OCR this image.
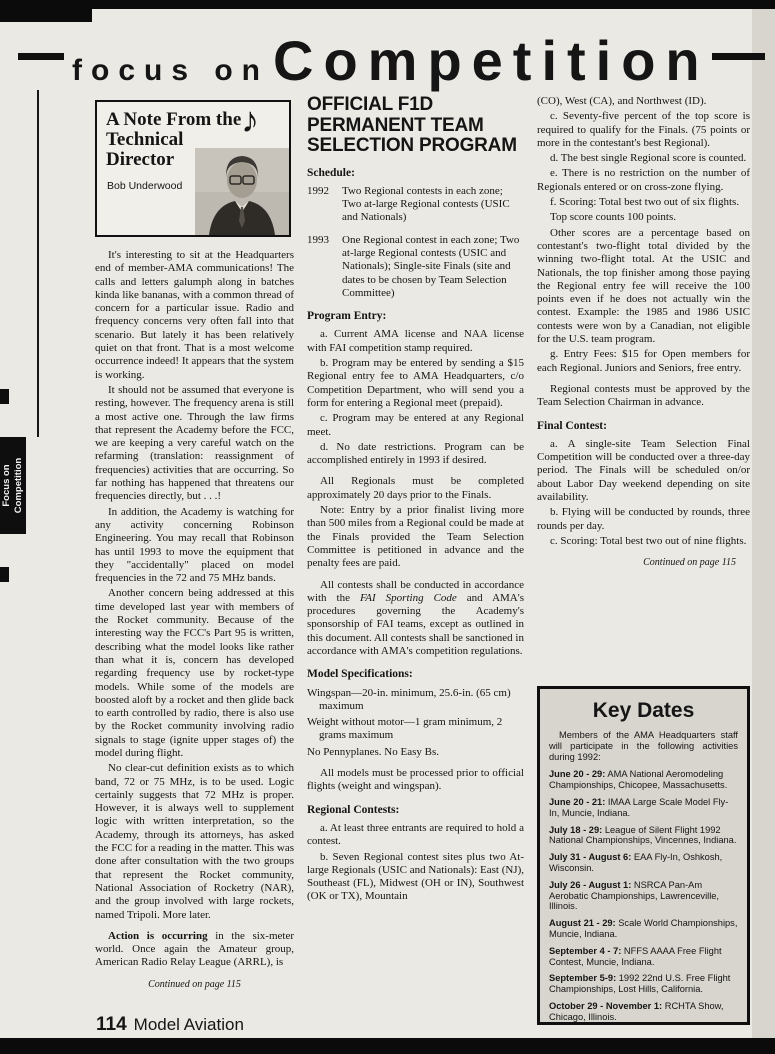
focus on Competition
Focus on Competition
A Note From the
Technical
Director
♪
Bob Underwood

It's interesting to sit at the Headquarters end of member-AMA communications! The calls and letters galumph along in batches kinda like bananas, with a common thread of concern for a particular issue. Radio and frequency concerns very often fall into that scenario. But lately it has been relatively quiet on that front. That is a most welcome occurrence indeed! It appears that the system is working.

It should not be assumed that everyone is resting, however. The frequency arena is still a most active one. Through the law firms that represent the Academy before the FCC, we are keeping a very careful watch on the refarming (translation: reassignment of frequencies) activities that are occurring. So far nothing has happened that threatens our frequencies directly, but . . .!

In addition, the Academy is watching for any activity concerning Robinson Engineering. You may recall that Robinson has until 1993 to move the equipment that they "accidentally" placed on model frequencies in the 72 and 75 MHz bands.

Another concern being addressed at this time developed last year with members of the Rocket community. Because of the interesting way the FCC's Part 95 is written, describing what the model looks like rather than what it is, concern has developed regarding frequency use by rocket-type models. While some of the models are boosted aloft by a rocket and then glide back to earth controlled by radio, there is also use by the Rocket community involving radio signals to stage (ignite upper stages of) the model during flight.

No clear-cut definition exists as to which band, 72 or 75 MHz, is to be used. Logic certainly suggests that 72 MHz is proper. However, it is always well to supplement logic with written interpretation, so the Academy, through its attorneys, has asked the FCC for a reading in the matter. This was done after consultation with the two groups that represent the Rocket community, National Association of Rocketry (NAR), and the group involved with large rockets, named Tripoli. More later.

Action is occurring in the six-meter world. Once again the Amateur group, American Radio Relay League (ARRL), is

Continued on page 115
OFFICIAL F1D PERMANENT TEAM SELECTION PROGRAM
Schedule:
1992	Two Regional contests in each zone; Two at-large Regional contests (USIC and Nationals)
1993	One Regional contest in each zone; Two at-large Regional contests (USIC and Nationals); Single-site Finals (site and dates to be chosen by Team Selection Committee)
Program Entry:

a. Current AMA license and NAA license with FAI competition stamp required.

b. Program may be entered by sending a $15 Regional entry fee to AMA Headquarters, c/o Competition Department, who will send you a form for entering a Regional meet (prepaid).

c. Program may be entered at any Regional meet.

d. No date restrictions. Program can be accomplished entirely in 1993 if desired.

All Regionals must be completed approximately 20 days prior to the Finals.

Note: Entry by a prior finalist living more than 500 miles from a Regional could be made at the Finals provided the Team Selection Committee is petitioned in advance and the penalty fees are paid.

All contests shall be conducted in accordance with the FAI Sporting Code and AMA's procedures governing the Academy's sponsorship of FAI teams, except as outlined in this document. All contests shall be sanctioned in accordance with AMA's competition regulations.

Model Specifications:

Wingspan—20-in. minimum, 25.6-in. (65 cm) maximum

Weight without motor—1 gram minimum, 2 grams maximum

No Pennyplanes. No Easy Bs.

All models must be processed prior to official flights (weight and wingspan).

Regional Contests:

a. At least three entrants are required to hold a contest.

b. Seven Regional contest sites plus two At-large Regionals (USIC and Nationals): East (NJ), Southeast (FL), Midwest (OH or IN), Southwest (OK or TX), Mountain

(CO), West (CA), and Northwest (ID).

c. Seventy-five percent of the top score is required to qualify for the Finals. (75 points or more in the contestant's best Regional).

d. The best single Regional score is counted.

e. There is no restriction on the number of Regionals entered or on cross-zone flying.

f. Scoring: Total best two out of six flights.

Top score counts 100 points.

Other scores are a percentage based on contestant's two-flight total divided by the winning two-flight total. At the USIC and Nationals, the top finisher among those paying the Regional entry fee will receive the 100 points even if he does not actually win the contest. Example: the 1985 and 1986 USIC contests were won by a Canadian, not eligible for the U.S. team program.

g. Entry Fees: $15 for Open members for each Regional. Juniors and Seniors, free entry.

Regional contests must be approved by the Team Selection Chairman in advance.

Final Contest:

a. A single-site Team Selection Final Competition will be conducted over a three-day period. The Finals will be scheduled on/or about Labor Day weekend depending on site availability.

b. Flying will be conducted by rounds, three rounds per day.

c. Scoring: Total best two out of nine flights.

Continued on page 115
Key Dates

Members of the AMA Headquarters staff will participate in the following activities during 1992:

June 20 - 29: AMA National Aeromodeling Championships, Chicopee, Massachusetts.

June 20 - 21: IMAA Large Scale Model Fly-In, Muncie, Indiana.

July 18 - 29: League of Silent Flight 1992 National Championships, Vincennes, Indiana.

July 31 - August 6: EAA Fly-In, Oshkosh, Wisconsin.

July 26 - August 1: NSRCA Pan-Am Aerobatic Championships, Lawrenceville, Illinois.

August 21 - 29: Scale World Championships, Muncie, Indiana.

September 4 - 7: NFFS AAAA Free Flight Contest, Muncie, Indiana.

September 5-9: 1992 22nd U.S. Free Flight Championships, Lost Hills, California.

October 29 - November 1: RCHTA Show, Chicago, Illinois.

114 Model Aviation
